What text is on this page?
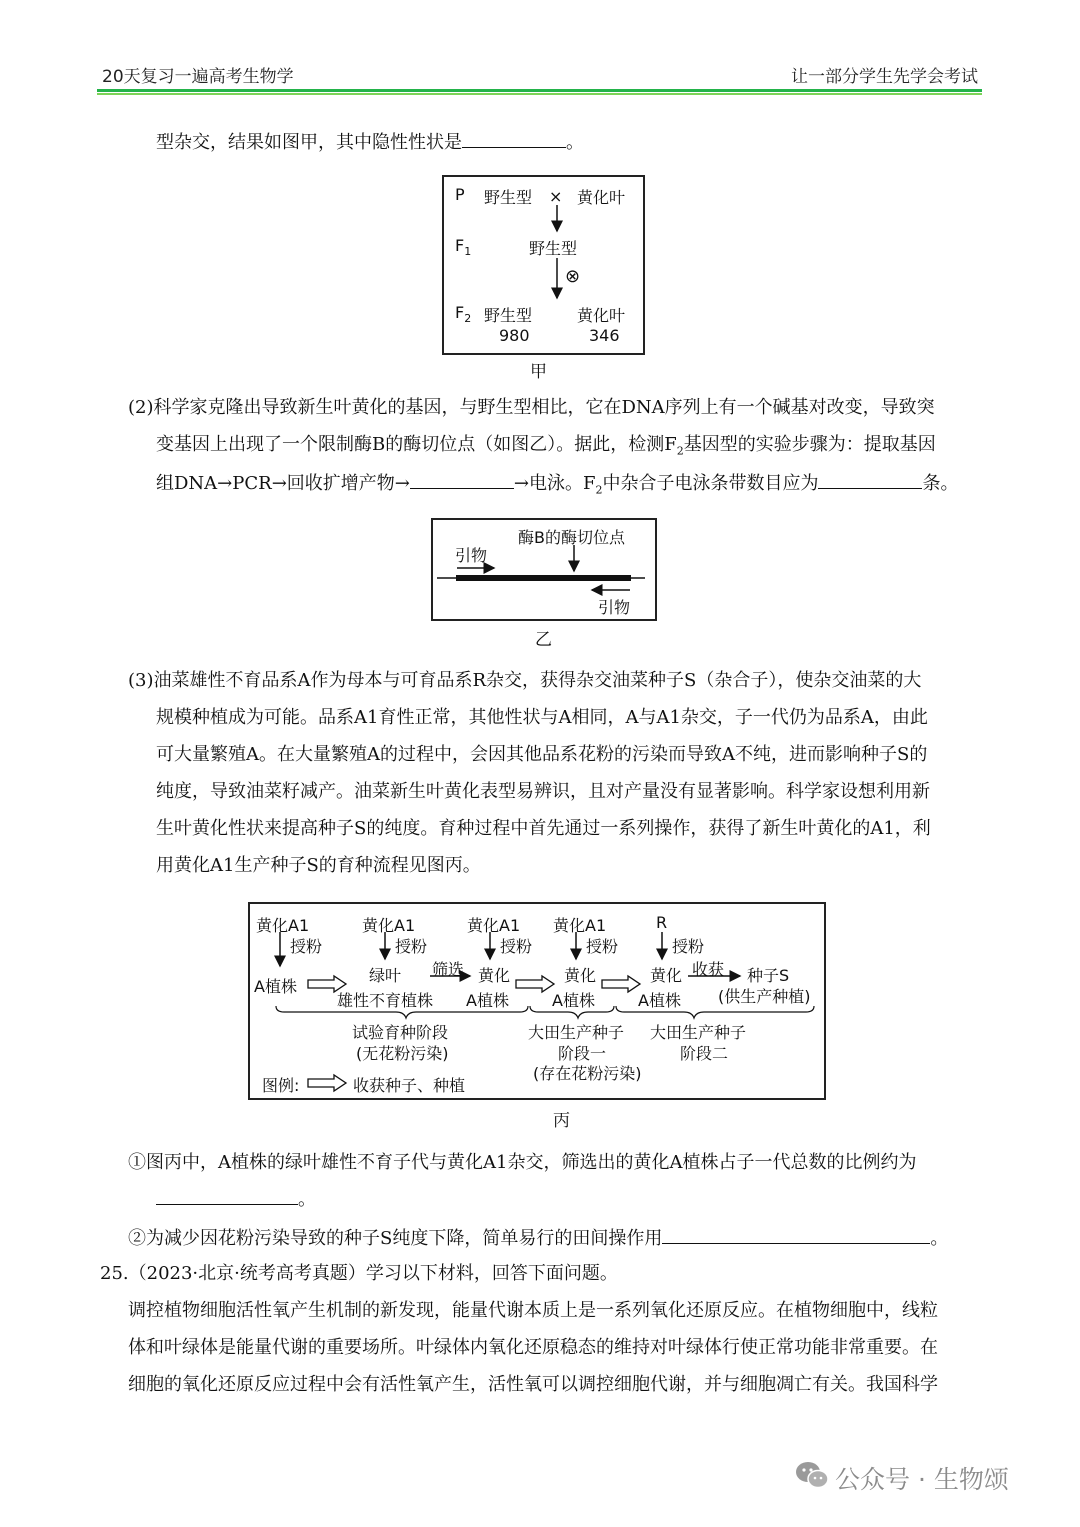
20天复习一遍高考生物学	让一部分学生先学会考试
型杂交，结果如图甲，其中隐性性状是	。
P 野生型 × 黄化叶
$F_1$	野生型
⊗
$F_2$ 野生型	黄化叶
980	346
甲
(2)科学家克隆出导致新生叶黄化的基因，与野生型相比，它在DNA序列上有一个碱基对改变，导致突
变基因上出现了一个限制酶B的酶切位点（如图乙）。据此，检测$F_2$基因型的实验步骤为：提取基因
组DNA→PCR→回收扩增产物→	→电泳。$F_2$中杂合子电泳条带数目应为	条。
酶B的酶切位点
引物
引物
乙
(3)油菜雄性不育品系A作为母本与可育品系R杂交，获得杂交油菜种子S（杂合子），使杂交油菜的大
规模种植成为可能。品系A1育性正常，其他性状与A相同，A与A1杂交，子一代仍为品系A，由此
可大量繁殖A。在大量繁殖A的过程中，会因其他品系花粉的污染而导致A不纯，进而影响种子S的
纯度，导致油菜籽减产。油菜新生叶黄化表型易辨识，且对产量没有显著影响。科学家设想利用新
生叶黄化性状来提高种子S的纯度。育种过程中首先通过一系列操作，获得了新生叶黄化的A1，利
用黄化A1生产种子S的育种流程见图丙。
黄化A1	黄化A1	黄化A1 黄化A1	R
授粉	授粉	授粉	授粉	授粉
A植株
绿叶
雄性不育植株
筛选 黄化
A植株
黄化
A植株
黄化
A植株
收获 种子S
(供生产种植)
试验育种阶段
(无花粉污染)
大田生产种子
阶段一
(存在花粉污染)
大田生产种子
阶段二
图例:	收获种子、种植
丙
①图丙中，A植株的绿叶雄性不育子代与黄化A1杂交，筛选出的黄化A植株占子一代总数的比例约为
。
②为减少因花粉污染导致的种子S纯度下降，简单易行的田间操作用	。
25.（2023·北京·统考高考真题）学习以下材料，回答下面问题。
调控植物细胞活性氧产生机制的新发现，能量代谢本质上是一系列氧化还原反应。在植物细胞中，线粒
体和叶绿体是能量代谢的重要场所。叶绿体内氧化还原稳态的维持对叶绿体行使正常功能非常重要。在
细胞的氧化还原反应过程中会有活性氧产生，活性氧可以调控细胞代谢，并与细胞凋亡有关。我国科学
公众号 · 生物颂
